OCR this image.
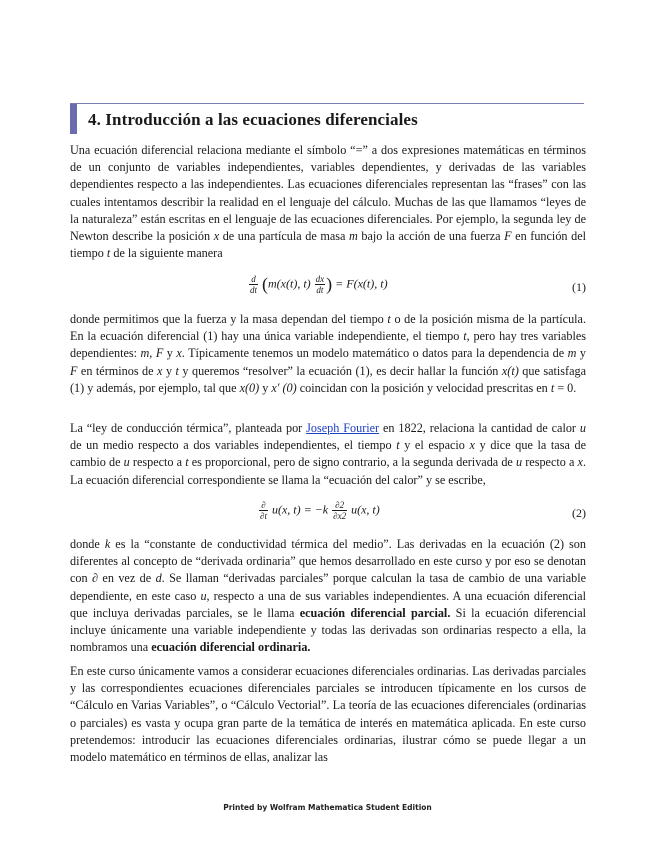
4. Introducción a las ecuaciones diferenciales

Una ecuación diferencial relaciona mediante el símbolo “=” a dos expresiones matemáticas en términos de un conjunto de variables independientes, variables dependientes, y derivadas de las variables dependientes respecto a las independientes. Las ecuaciones diferenciales representan las “frases” con las cuales intentamos describir la realidad en el lenguaje del cálculo. Muchas de las que llamamos “leyes de la naturaleza” están escritas en el lenguaje de las ecuaciones diferenciales. Por ejemplo, la segunda ley de Newton describe la posición x de una partícula de masa m bajo la acción de una fuerza F en función del tiempo t de la siguiente manera

$\frac{d}{dt} (m(x(t)$, $t) \frac{dx}{dt}$ ) = F(x(t), t)	(1)

donde permitimos que la fuerza y la masa dependan del tiempo t o de la posición misma de la partícula. En la ecuación diferencial (1) hay una única variable independiente, el tiempo t, pero hay tres variables dependientes: m, F y x. Típicamente tenemos un modelo matemático o datos para la dependencia de m y F en términos de x y t y queremos “resolver” la ecuación (1), es decir hallar la función x(t) que satisfaga (1) y además, por ejemplo, tal que x(0) y x' (0) coincidan con la posición y velocidad prescritas en t = 0.

La “ley de conducción térmica”, planteada por Joseph Fourier en 1822, relaciona la cantidad de calor u de un medio respecto a dos variables independientes, el tiempo t y el espacio x y dice que la tasa de cambio de u respecto a t es proporcional, pero de signo contrario, a la segunda derivada de u respecto a x. La ecuación diferencial correspondiente se llama la “ecuación del calor” y se escribe,

$\frac{\partial}{\partial t} u(x$, $t) = -k \frac{\partial 2}{\partial x2} u(x$, t)	(2)

donde k es la “constante de conductividad térmica del medio”. Las derivadas en la ecuación (2) son diferentes al concepto de “derivada ordinaria” que hemos desarrollado en este curso y por eso se denotan con ∂ en vez de d. Se llaman “derivadas parciales” porque calculan la tasa de cambio de una variable dependiente, en este caso u, respecto a una de sus variables independientes. A una ecuación diferencial que incluya derivadas parciales, se le llama ecuación diferencial parcial. Si la ecuación diferencial incluye únicamente una variable independiente y todas las derivadas son ordinarias respecto a ella, la nombramos una ecuación diferencial ordinaria.

En este curso únicamente vamos a considerar ecuaciones diferenciales ordinarias. Las derivadas parciales y las correspondientes ecuaciones diferenciales parciales se introducen típicamente en los cursos de “Cálculo en Varias Variables”, o “Cálculo Vectorial”. La teoría de las ecuaciones diferenciales (ordinarias o parciales) es vasta y ocupa gran parte de la temática de interés en matemática aplicada. En este curso pretendemos: introducir las ecuaciones diferenciales ordinarias, ilustrar cómo se puede llegar a un modelo matemático en términos de ellas, analizar las

Printed by Wolfram Mathematica Student Edition
